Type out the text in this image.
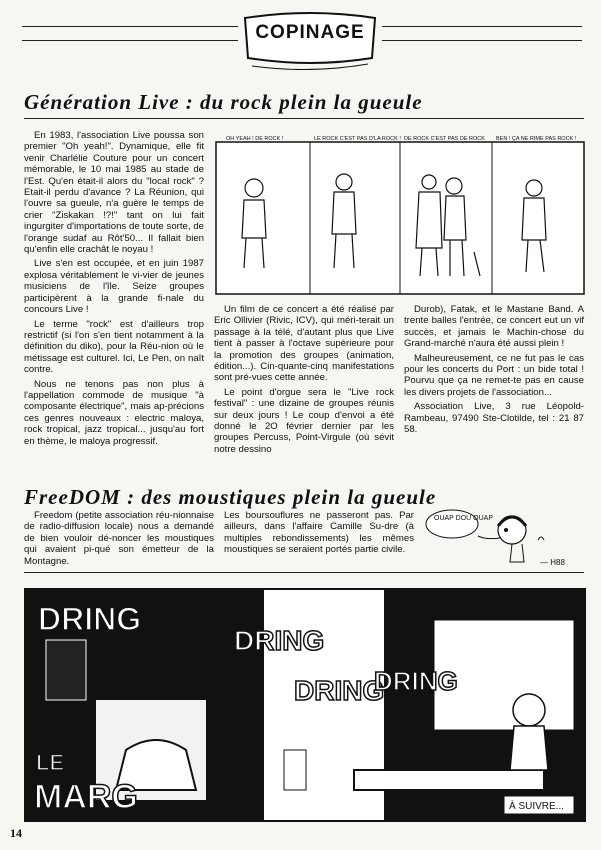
COPINAGE
Génération Live : du rock plein la gueule

En 1983, l'association Live poussa son premier "Oh yeah!". Dynamique, elle fit venir Charlélie Couture pour un concert mémorable, le 10 mai 1985 au stade de l'Est. Qu'en était-il alors du "local rock" ? Etait-il perdu d'avance ? La Réunion, qui l'ouvre sa gueule, n'a guère le temps de crier "Ziskakan !?!" tant on lui fait ingurgiter d'importations de toute sorte, de l'orange sudaf au Rôt'50... Il fallait bien qu'enfin elle crachât le noyau !

Live s'en est occupée, et en juin 1987 explosa véritablement le vi-vier de jeunes musiciens de l'île. Seize groupes participèrent à la grande fi-nale du concours Live !

Le terme "rock" est d'ailleurs trop restrictif (si l'on s'en tient notamment à la définition du diko), pour la Réu-nion où le métissage est culturel. Ici, Le Pen, on naît contre.

Nous ne tenons pas non plus à l'appellation commode de musique "à composante électrique", mais ap-précions ces genres nouveaux : electric maloya, rock tropical, jazz tropical... jusqu'au fort en thème, le maloya progressif.

OH YEAH ! DE ROCK !	LE ROCK C'EST PAS D'LA ROCK ! DE ROCK C'EST PAS DE ROCK BEN ! ÇA NE RIME PAS ROCK !

Un film de ce concert a été réalisé par Eric Ollivier (Rivic, ICV), qui méri-terait un passage à la télé, d'autant plus que Live tient à passer à l'octave supérieure pour la promotion des groupes (animation, édition...). Cin-quante-cinq manifestations sont pré-vues cette année.

Le point d'orgue sera le "Live rock festival" : une dizaine de groupes réunis sur deux jours ! Le coup d'envoi a été donné le 2O février dernier par les groupes Percuss, Point-Virgule (où sévit notre dessino

Durob), Fatak, et le Mastane Band. A trente balles l'entrée, ce concert eut un vif succès, et jamais le Machin-chose du Grand-marché n'aura été aussi plein !

Malheureusement, ce ne fut pas le cas pour les concerts du Port : un bide total ! Pourvu que ça ne remet-te pas en cause les divers projets de l'association...

Association Live, 3 rue Léopold-Rambeau, 97490 Ste-Clotilde, tel : 21 87 58.

FreeDOM : des moustiques plein la gueule

Freedom (petite association réu-nionnaise de radio-diffusion locale) nous a demandé de bien vouloir dé-noncer les moustiques qui avaient pi-qué son émetteur de la Montagne.

Les boursouflures ne passeront pas. Par ailleurs, dans l'affaire Camille Su-dre (à multiples rebondissements) les mêmes moustiques se seraient portés partie civile.

OUAP DOU OUAP
— H88
DRING
LE
MARG
DRING
DRING
DRING
À SUIVRE...
14
